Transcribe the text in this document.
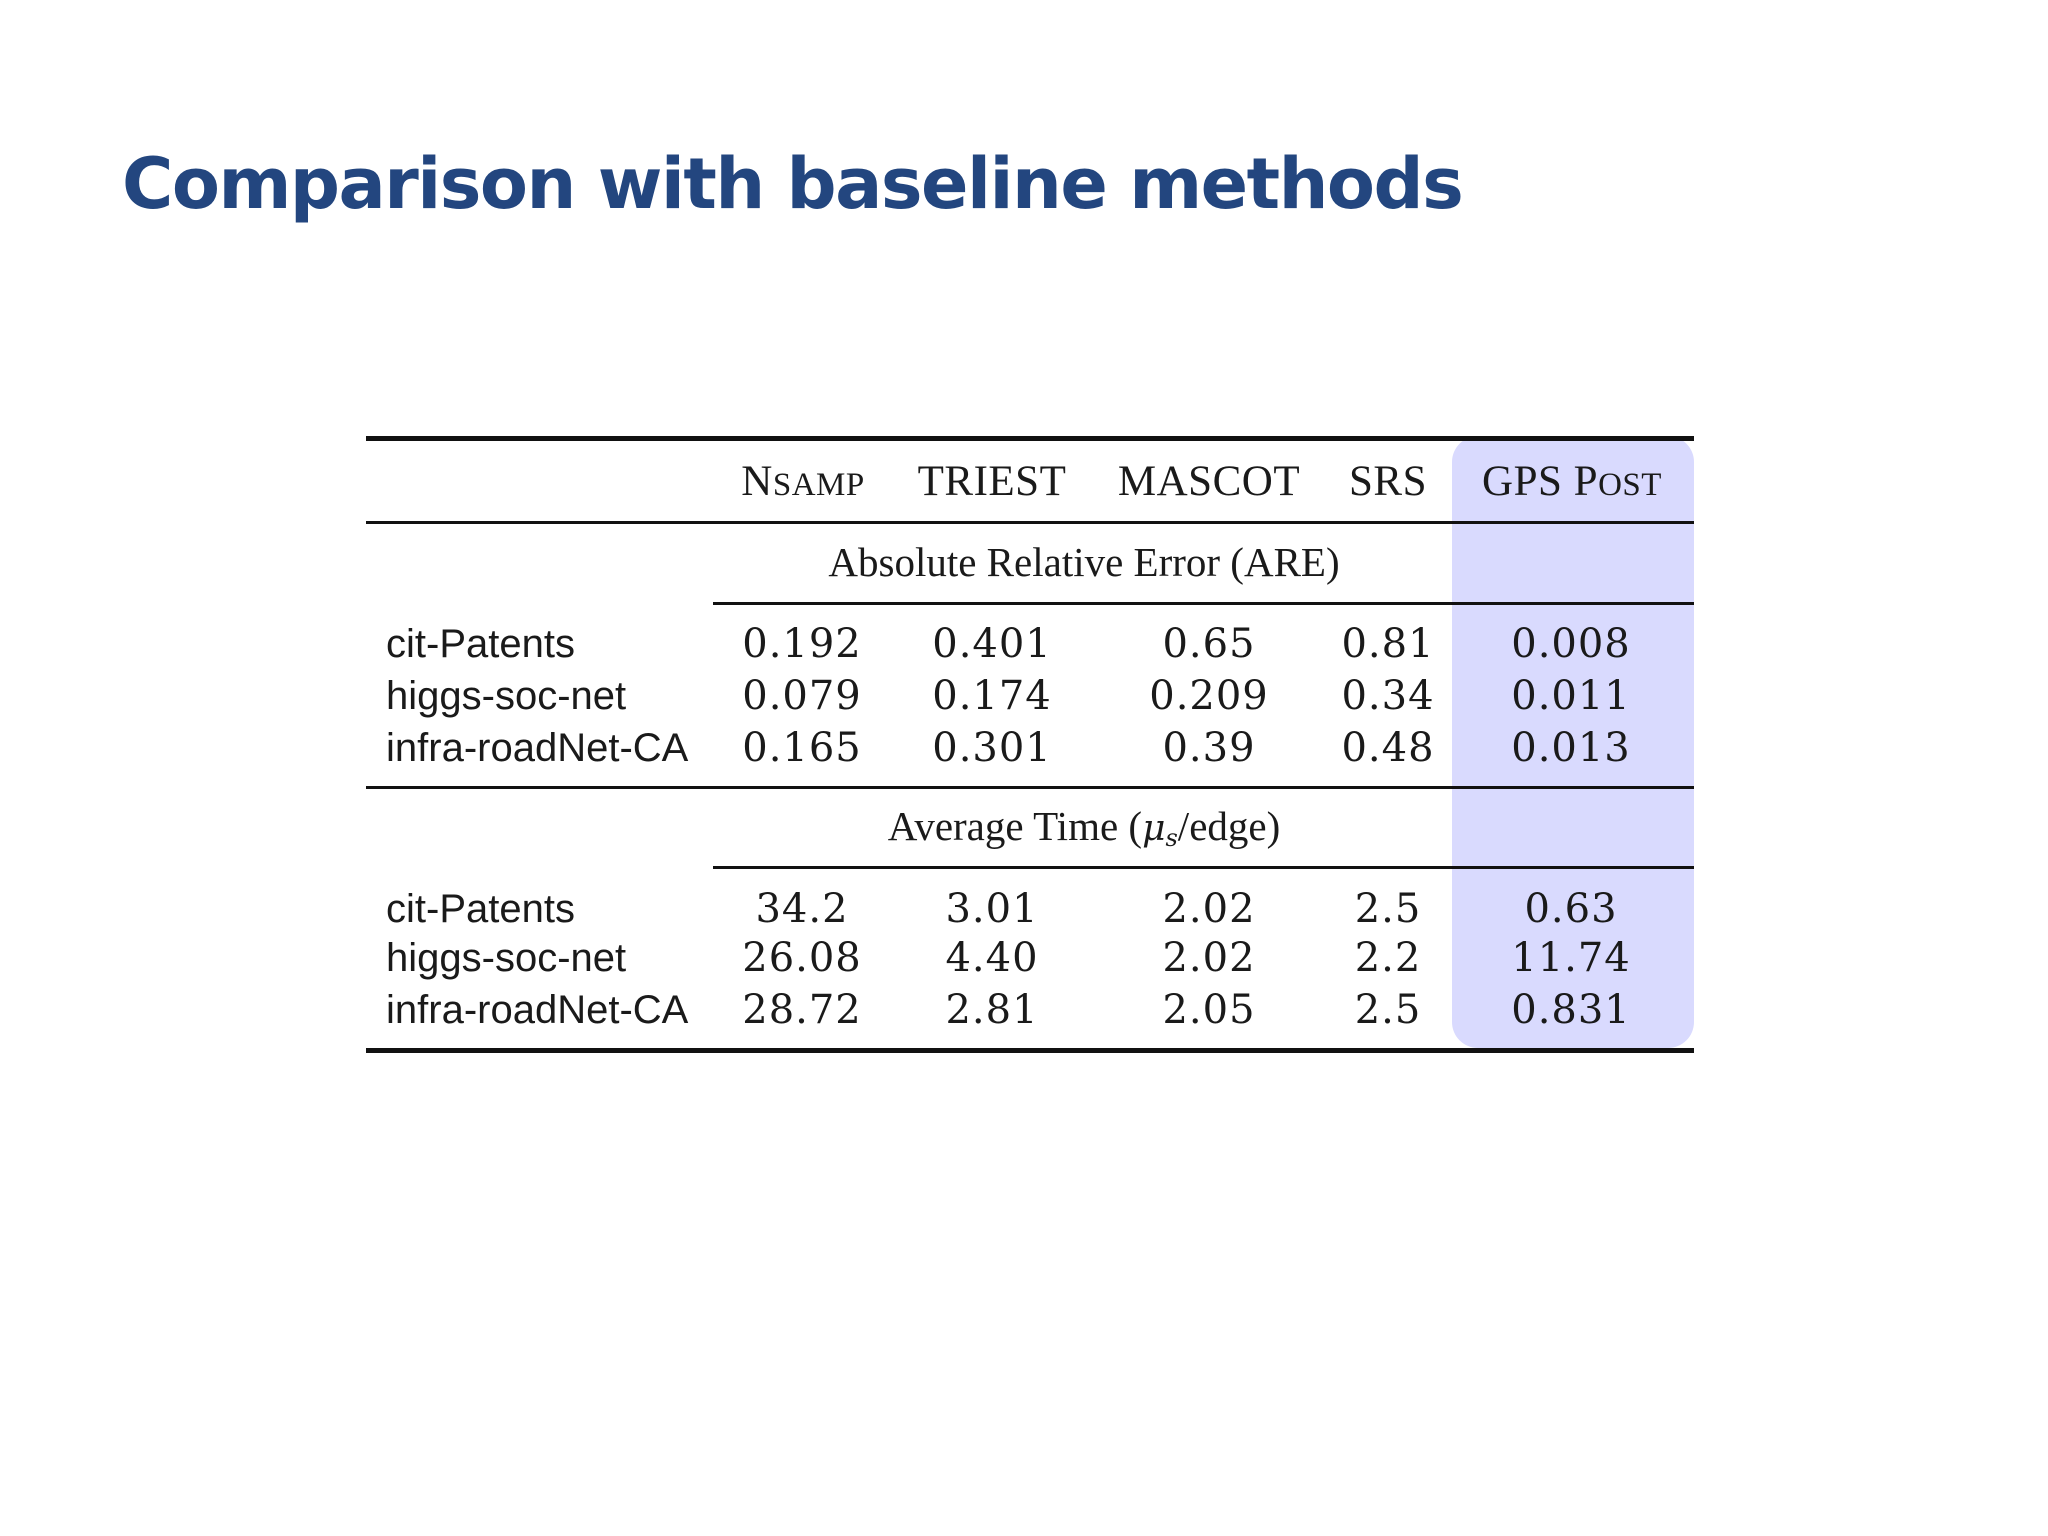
Comparison with baseline methods
NSAMP TRIEST MASCOT SRS GPS POST
Absolute Relative Error (ARE)
cit-Patents	0.192 0.401	0.65 0.81 0.008
higgs-soc-net	0.079 0.174 0.209 0.34 0.011
infra-roadNet-CA 0.165 0.301	0.39 0.48 0.013
Average Time $(\mu_s/edge)$
cit-Patents	34.2 3.01	2.02 2.5	0.63
higgs-soc-net	26.08 4.40	2.02 2.2 11.74
infra-roadNet-CA 28.72 2.81	2.05 2.5 0.831
